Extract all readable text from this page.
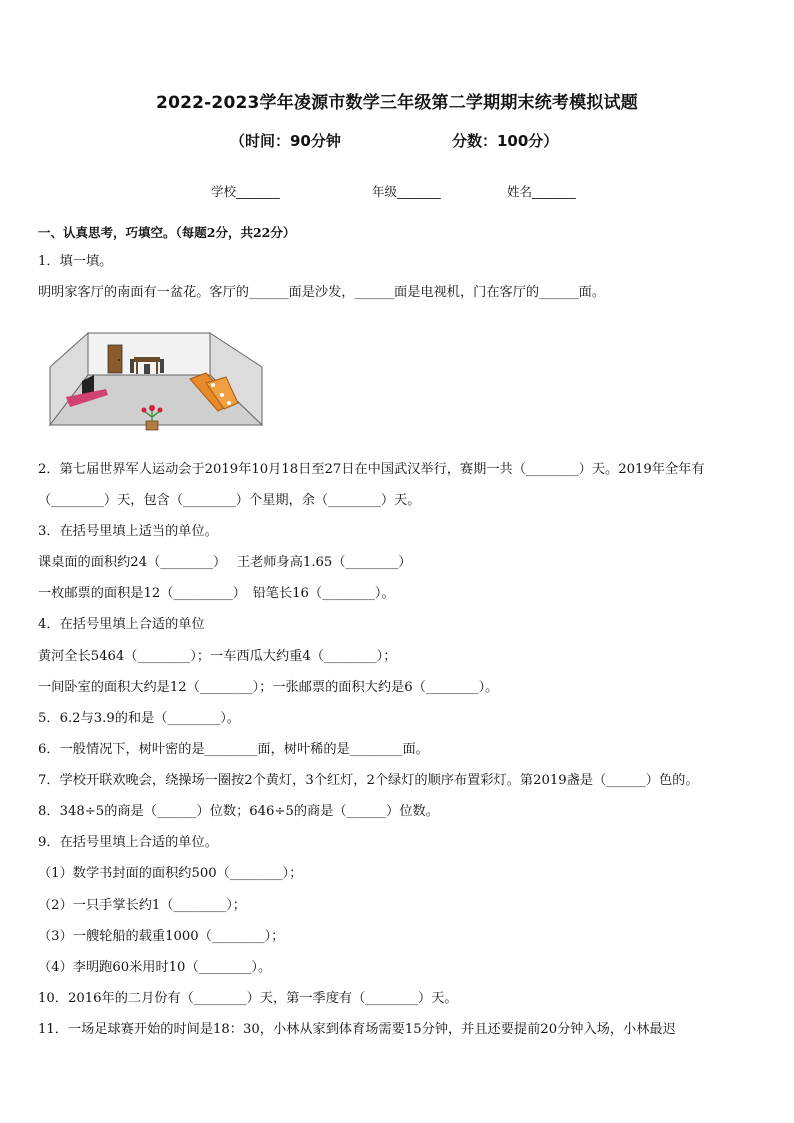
2022-2023学年凌源市数学三年级第二学期期末统考模拟试题
（时间：90分钟	分数：100分）
学校_______	年级_______	姓名_______
一、认真思考，巧填空。（每题2分，共22分）
1．填一填。
明明家客厅的南面有一盆花。客厅的______面是沙发，______面是电视机，门在客厅的______面。
2．第七届世界军人运动会于2019年10月18日至27日在中国武汉举行，赛期一共（________）天。2019年全年有
（________）天，包含（________）个星期，余（________）天。
3．在括号里填上适当的单位。
课桌面的面积约24（________）　 王老师身高1.65（________）
一枚邮票的面积是12（_________）　铅笔长16（________）。
4．在括号里填上合适的单位
黄河全长5464（________）；一车西瓜大约重4（________）；
一间卧室的面积大约是12（________）；一张邮票的面积大约是6（________）。
5．6.2与3.9的和是（________）。
6．一般情况下，树叶密的是________面，树叶稀的是________面。
7．学校开联欢晚会，绕操场一圈按2个黄灯，3个红灯，2个绿灯的顺序布置彩灯。第2019盏是（______）色的。
8．348÷5的商是（______）位数；646÷5的商是（______）位数。
9．在括号里填上合适的单位。
（1）数学书封面的面积约500（________）；
（2）一只手掌长约1（________）；
（3）一艘轮船的载重1000（________）；
（4）李明跑60米用时10（________）。
10．2016年的二月份有（________）天，第一季度有（________）天。
11．一场足球赛开始的时间是18：30，小林从家到体育场需要15分钟，并且还要提前20分钟入场，小林最迟
